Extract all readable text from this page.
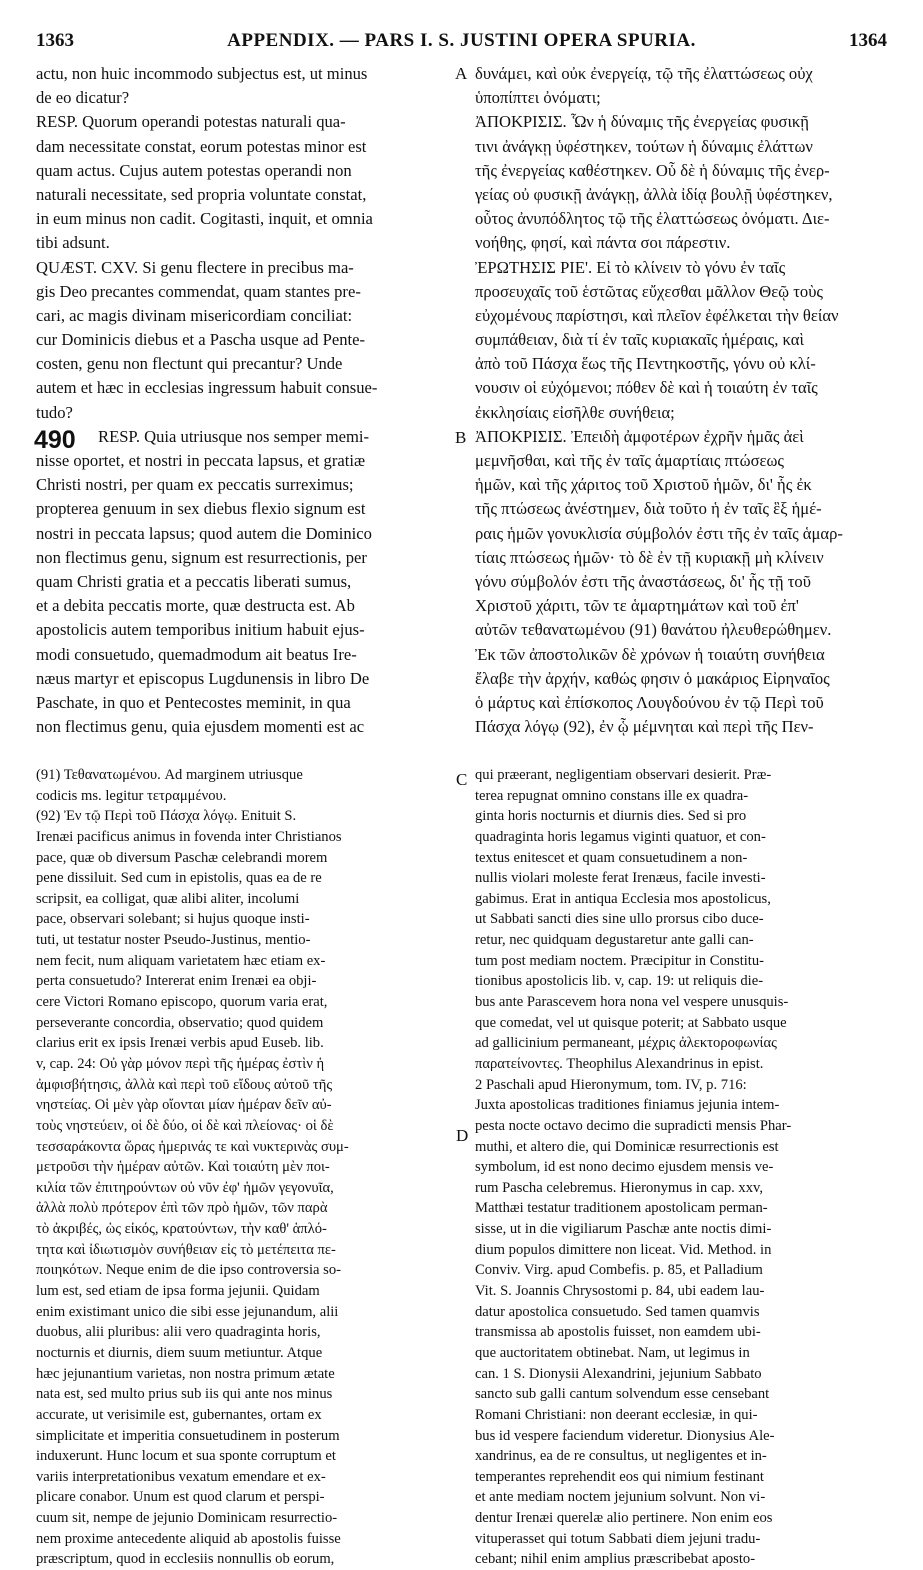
1363	APPENDIX. — PARS I. S. JUSTINI OPERA SPURIA.	1364
actu, non huic incommodo subjectus est, ut minus
de eo dicatur?
RESP. Quorum operandi potestas naturali qua-
dam necessitate constat, eorum potestas minor est
quam actus. Cujus autem potestas operandi non
naturali necessitate, sed propria voluntate constat,
in eum minus non cadit. Cogitasti, inquit, et omnia
tibi adsunt.
QUÆST. CXV. Si genu flectere in precibus ma-
gis Deo precantes commendat, quam stantes pre-
cari, ac magis divinam misericordiam conciliat:
cur Dominicis diebus et a Pascha usque ad Pente-
costen, genu non flectunt qui precantur? Unde
autem et hæc in ecclesias ingressum habuit consue-
tudo?
RESP. Quia utriusque nos semper memi-
nisse oportet, et nostri in peccata lapsus, et gratiæ
Christi nostri, per quam ex peccatis surreximus;
propterea genuum in sex diebus flexio signum est
nostri in peccata lapsus; quod autem die Dominico
non flectimus genu, signum est resurrectionis, per
quam Christi gratia et a peccatis liberati sumus,
et a debita peccatis morte, quæ destructa est. Ab
apostolicis autem temporibus initium habuit ejus-
modi consuetudo, quemadmodum ait beatus Ire-
næus martyr et episcopus Lugdunensis in libro De
Paschate, in quo et Pentecostes meminit, in qua
non flectimus genu, quia ejusdem momenti est ac
δυνάμει, καὶ οὐκ ἐνεργείᾳ, τῷ τῆς ἐλαττώσεως οὐχ
ὑποπίπτει ὀνόματι;
ἈΠΟΚΡΙΣΙΣ. Ὧν ἡ δύναμις τῆς ἐνεργείας φυσικῇ
τινι ἀνάγκῃ ὑφέστηκεν, τούτων ἡ δύναμις ἐλάττων
τῆς ἐνεργείας καθέστηκεν. Οὗ δὲ ἡ δύναμις τῆς ἐνερ-
γείας οὐ φυσικῇ ἀνάγκῃ, ἀλλὰ ἰδίᾳ βουλῇ ὑφέστηκεν,
οὗτος ἀνυπόδλητος τῷ τῆς ἐλαττώσεως ὀνόματι. Διε-
νοήθης, φησί, καὶ πάντα σοι πάρεστιν.
ἘΡΩΤΗΣΙΣ ΡΙΕ'. Εἰ τὸ κλίνειν τὸ γόνυ ἐν ταῖς
προσευχαῖς τοῦ ἑστῶτας εὔχεσθαι μᾶλλον Θεῷ τοὺς
εὐχομένους παρίστησι, καὶ πλεῖον ἐφέλκεται τὴν θείαν
συμπάθειαν, διὰ τί ἐν ταῖς κυριακαῖς ἡμέραις, καὶ
ἀπὸ τοῦ Πάσχα ἕως τῆς Πεντηκοστῆς, γόνυ οὐ κλί-
νουσιν οἱ εὐχόμενοι; πόθεν δὲ καὶ ἡ τοιαύτη ἐν ταῖς
ἐκκλησίαις εἰσῆλθε συνήθεια;
ἈΠΟΚΡΙΣΙΣ. Ἐπειδὴ ἀμφοτέρων ἐχρῆν ἡμᾶς ἀεὶ
μεμνῆσθαι, καὶ τῆς ἐν ταῖς ἁμαρτίαις πτώσεως
ἡμῶν, καὶ τῆς χάριτος τοῦ Χριστοῦ ἡμῶν, δι' ἧς ἐκ
τῆς πτώσεως ἀνέστημεν, διὰ τοῦτο ἡ ἐν ταῖς ἓξ ἡμέ-
ραις ἡμῶν γονυκλισία σύμβολόν ἐστι τῆς ἐν ταῖς ἁμαρ-
τίαις πτώσεως ἡμῶν· τὸ δὲ ἐν τῇ κυριακῇ μὴ κλίνειν
γόνυ σύμβολόν ἐστι τῆς ἀναστάσεως, δι' ἧς τῇ τοῦ
Χριστοῦ χάριτι, τῶν τε ἁμαρτημάτων καὶ τοῦ ἐπ'
αὐτῶν τεθανατωμένου (91) θανάτου ἠλευθερώθημεν.
Ἐκ τῶν ἀποστολικῶν δὲ χρόνων ἡ τοιαύτη συνήθεια
ἔλαβε τὴν ἀρχήν, καθώς φησιν ὁ μακάριος Εἰρηναῖος
ὁ μάρτυς καὶ ἐπίσκοπος Λουγδούνου ἐν τῷ Περὶ τοῦ
Πάσχα λόγῳ (92), ἐν ᾧ μέμνηται καὶ περὶ τῆς Πεν-
(91) Τεθανατωμένου. Ad marginem utriusque
codicis ms. legitur τετραμμένου.
(92) Ἐν τῷ Περὶ τοῦ Πάσχα λόγῳ. Enituit S.
Irenæi pacificus animus in fovenda inter Christianos
pace, quæ ob diversum Paschæ celebrandi morem
pene dissiluit. Sed cum in epistolis, quas ea de re
scripsit, ea colligat, quæ alibi aliter, incolumi
pace, observari solebant; si hujus quoque insti-
tuti, ut testatur noster Pseudo-Justinus, mentio-
nem fecit, num aliquam varietatem hæc etiam ex-
perta consuetudo? Intererat enim Irenæi ea obji-
cere Victori Romano episcopo, quorum varia erat,
perseverante concordia, observatio; quod quidem
clarius erit ex ipsis Irenæi verbis apud Euseb. lib.
v, cap. 24: Οὐ γὰρ μόνον περὶ τῆς ἡμέρας ἐστὶν ἡ
ἀμφισβήτησις, ἀλλὰ καὶ περὶ τοῦ εἴδους αὐτοῦ τῆς
νηστείας. Οἱ μὲν γὰρ οἴονται μίαν ἡμέραν δεῖν αὐ-
τοὺς νηστεύειν, οἱ δὲ δύο, οἱ δὲ καὶ πλείονας· οἱ δὲ
τεσσαράκοντα ὥρας ἡμερινάς τε καὶ νυκτερινὰς συμ-
μετροῦσι τὴν ἡμέραν αὐτῶν. Καὶ τοιαύτη μὲν ποι-
κιλία τῶν ἐπιτηρούντων οὐ νῦν ἐφ' ἡμῶν γεγονυῖα,
ἀλλὰ πολὺ πρότερον ἐπὶ τῶν πρὸ ἡμῶν, τῶν παρὰ
τὸ ἀκριβές, ὡς εἰκός, κρατούντων, τὴν καθ' ἁπλό-
τητα καὶ ἰδιωτισμὸν συνήθειαν εἰς τὸ μετέπειτα πε-
ποιηκότων. Neque enim de die ipso controversia so-
lum est, sed etiam de ipsa forma jejunii. Quidam
enim existimant unico die sibi esse jejunandum, alii
duobus, alii pluribus: alii vero quadraginta horis,
nocturnis et diurnis, diem suum metiuntur. Atque
hæc jejunantium varietas, non nostra primum ætate
nata est, sed multo prius sub iis qui ante nos minus
accurate, ut verisimile est, gubernantes, ortam ex
simplicitate et imperitia consuetudinem in posterum
induxerunt. Hunc locum et sua sponte corruptum et
variis interpretationibus vexatum emendare et ex-
plicare conabor. Unum est quod clarum et perspi-
cuum sit, nempe de jejunio Dominicam resurrectio-
nem proxime antecedente aliquid ab apostolis fuisse
præscriptum, quod in ecclesiis nonnullis ob eorum,
qui præerant, negligentiam observari desierit. Præ-
terea repugnat omnino constans ille ex quadra-
ginta horis nocturnis et diurnis dies. Sed si pro
quadraginta horis legamus viginti quatuor, et con-
textus enitescet et quam consuetudinem a non-
nullis violari moleste ferat Irenæus, facile investi-
gabimus. Erat in antiqua Ecclesia mos apostolicus,
ut Sabbati sancti dies sine ullo prorsus cibo duce-
retur, nec quidquam degustaretur ante galli can-
tum post mediam noctem. Præcipitur in Constitu-
tionibus apostolicis lib. v, cap. 19: ut reliquis die-
bus ante Parascevem hora nona vel vespere unusquis-
que comedat, vel ut quisque poterit; at Sabbato usque
ad gallicinium permaneant, μέχρις ἀλεκτοροφωνίας
παρατείνοντες. Theophilus Alexandrinus in epist.
2 Paschali apud Hieronymum, tom. IV, p. 716:
Juxta apostolicas traditiones finiamus jejunia intem-
pesta nocte octavo decimo die supradicti mensis Phar-
muthi, et altero die, qui Dominicæ resurrectionis est
symbolum, id est nono decimo ejusdem mensis ve-
rum Pascha celebremus. Hieronymus in cap. xxv,
Matthæi testatur traditionem apostolicam perman-
sisse, ut in die vigiliarum Paschæ ante noctis dimi-
dium populos dimittere non liceat. Vid. Method. in
Conviv. Virg. apud Combefis. p. 85, et Palladium
Vit. S. Joannis Chrysostomi p. 84, ubi eadem lau-
datur apostolica consuetudo. Sed tamen quamvis
transmissa ab apostolis fuisset, non eamdem ubi-
que auctoritatem obtinebat. Nam, ut legimus in
can. 1 S. Dionysii Alexandrini, jejunium Sabbato
sancto sub galli cantum solvendum esse censebant
Romani Christiani: non deerant ecclesiæ, in qui-
bus id vespere faciendum videretur. Dionysius Ale-
xandrinus, ea de re consultus, ut negligentes et in-
temperantes reprehendit eos qui nimium festinant
et ante mediam noctem jejunium solvunt. Non vi-
dentur Irenæi querelæ alio pertinere. Non enim eos
vituperasset qui totum Sabbati diem jejuni tradu-
cebant; nihil enim amplius præscribebat aposto-
A
B
C
D
490
